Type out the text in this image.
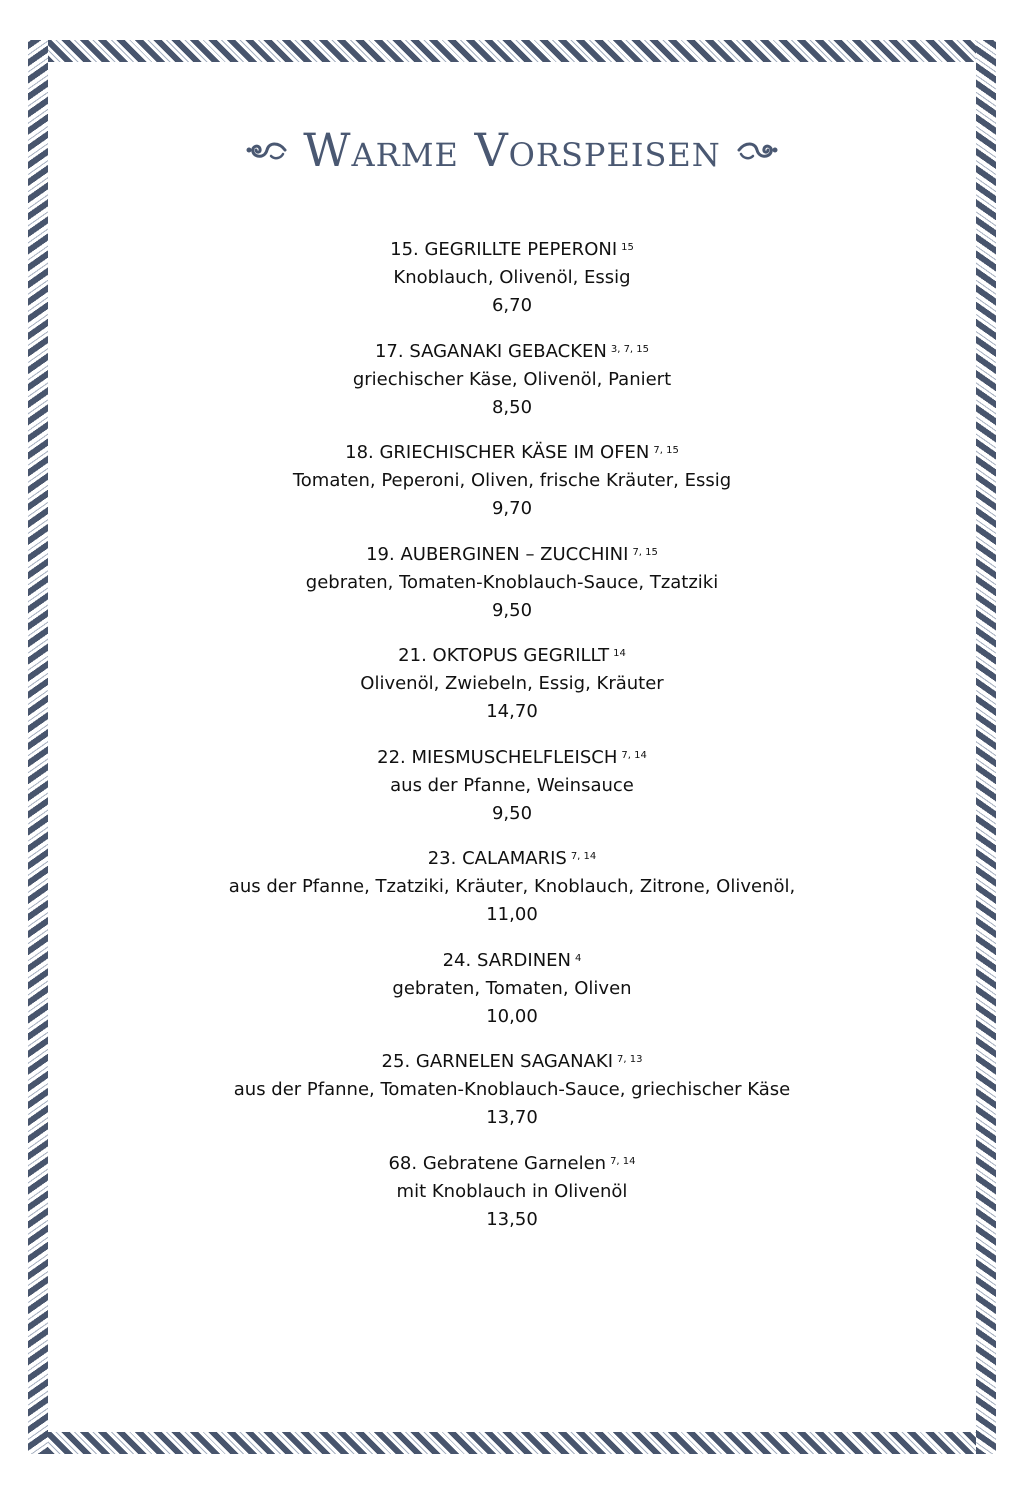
Warme Vorspeisen
15. GEGRILLTE PEPERONI $^{15}$
Knoblauch, Olivenöl, Essig
6,70
17. SAGANAKI GEBACKEN $^{3, 7, 15}$
griechischer Käse, Olivenöl, Paniert
8,50
18. GRIECHISCHER KÄSE IM OFEN $^{7, 15}$
Tomaten, Peperoni, Oliven, frische Kräuter, Essig
9,70
19. AUBERGINEN – ZUCCHINI $^{7, 15}$
gebraten, Tomaten-Knoblauch-Sauce, Tzatziki
9,50
21. OKTOPUS GEGRILLT $^{14}$
Olivenöl, Zwiebeln, Essig, Kräuter
14,70
22. MIESMUSCHELFLEISCH $^{7, 14}$
aus der Pfanne, Weinsauce
9,50
23. CALAMARIS $^{7, 14}$
aus der Pfanne, Tzatziki, Kräuter, Knoblauch, Zitrone, Olivenöl,
11,00
24. SARDINEN $^4$
gebraten, Tomaten, Oliven
10,00
25. GARNELEN SAGANAKI $^{7, 13}$
aus der Pfanne, Tomaten-Knoblauch-Sauce, griechischer Käse
13,70
68. Gebratene Garnelen $^{7, 14}$
mit Knoblauch in Olivenöl
13,50
